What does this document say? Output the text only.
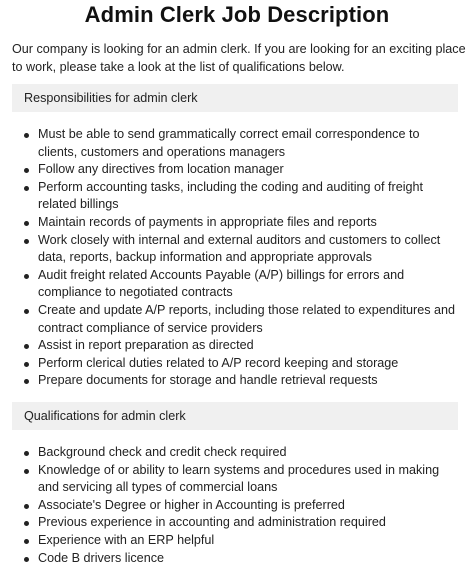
Admin Clerk Job Description

Our company is looking for an admin clerk. If you are looking for an exciting place to work, please take a look at the list of qualifications below.

Responsibilities for admin clerk
Must be able to send grammatically correct email correspondence to clients, customers and operations managers
Follow any directives from location manager
Perform accounting tasks, including the coding and auditing of freight related billings
Maintain records of payments in appropriate files and reports
Work closely with internal and external auditors and customers to collect data, reports, backup information and appropriate approvals
Audit freight related Accounts Payable (A/P) billings for errors and compliance to negotiated contracts
Create and update A/P reports, including those related to expenditures and contract compliance of service providers
Assist in report preparation as directed
Perform clerical duties related to A/P record keeping and storage
Prepare documents for storage and handle retrieval requests
Qualifications for admin clerk
Background check and credit check required
Knowledge of or ability to learn systems and procedures used in making and servicing all types of commercial loans
Associate's Degree or higher in Accounting is preferred
Previous experience in accounting and administration required
Experience with an ERP helpful
Code B drivers licence
